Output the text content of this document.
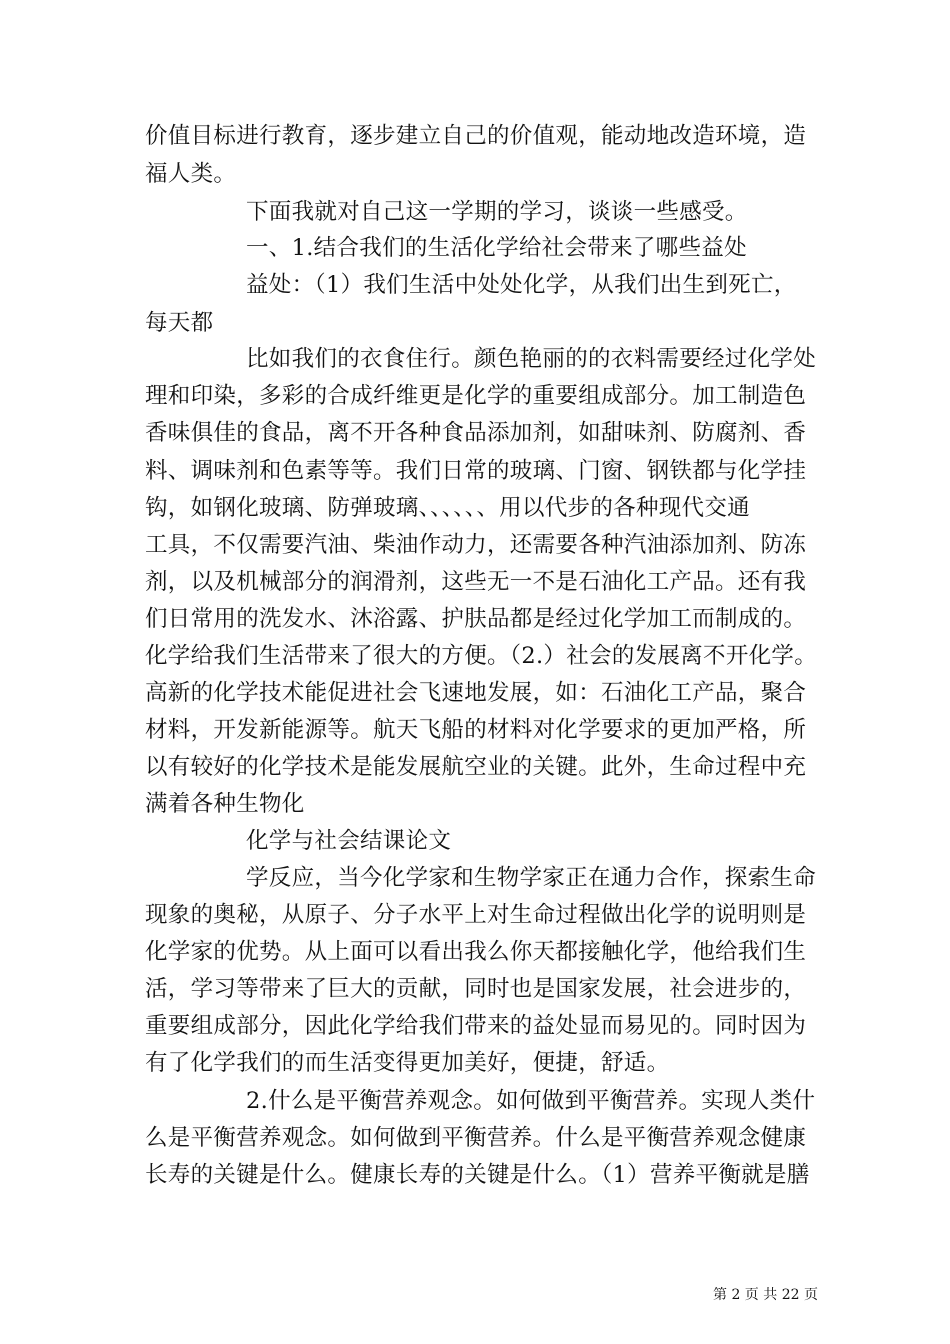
价值目标进行教育，逐步建立自己的价值观，能动地改造环境，造

福人类。

下面我就对自己这一学期的学习，谈谈一些感受。

一、1.结合我们的生活化学给社会带来了哪些益处

益处：（1）我们生活中处处化学，从我们出生到死亡，

每天都

比如我们的衣食住行。颜色艳丽的的衣料需要经过化学处

理和印染，多彩的合成纤维更是化学的重要组成部分。加工制造色

香味俱佳的食品，离不开各种食品添加剂，如甜味剂、防腐剂、香

料、调味剂和色素等等。我们日常的玻璃、门窗、钢铁都与化学挂

钩，如钢化玻璃、防弹玻璃、、、、、、用以代步的各种现代交通

工具，不仅需要汽油、柴油作动力，还需要各种汽油添加剂、防冻

剂，以及机械部分的润滑剂，这些无一不是石油化工产品。还有我

们日常用的洗发水、沐浴露、护肤品都是经过化学加工而制成的。

化学给我们生活带来了很大的方便。（2.）社会的发展离不开化学。

高新的化学技术能促进社会飞速地发展，如：石油化工产品，聚合

材料，开发新能源等。航天飞船的材料对化学要求的更加严格，所

以有较好的化学技术是能发展航空业的关键。此外，生命过程中充

满着各种生物化

化学与社会结课论文

学反应，当今化学家和生物学家正在通力合作，探索生命

现象的奥秘，从原子、分子水平上对生命过程做出化学的说明则是

化学家的优势。从上面可以看出我么你天都接触化学，他给我们生

活，学习等带来了巨大的贡献，同时也是国家发展，社会进步的，

重要组成部分，因此化学给我们带来的益处显而易见的。同时因为

有了化学我们的而生活变得更加美好，便捷，舒适。

2.什么是平衡营养观念。如何做到平衡营养。实现人类什

么是平衡营养观念。如何做到平衡营养。什么是平衡营养观念健康

长寿的关键是什么。健康长寿的关键是什么。（1）营养平衡就是膳

第 2 页 共 22 页
